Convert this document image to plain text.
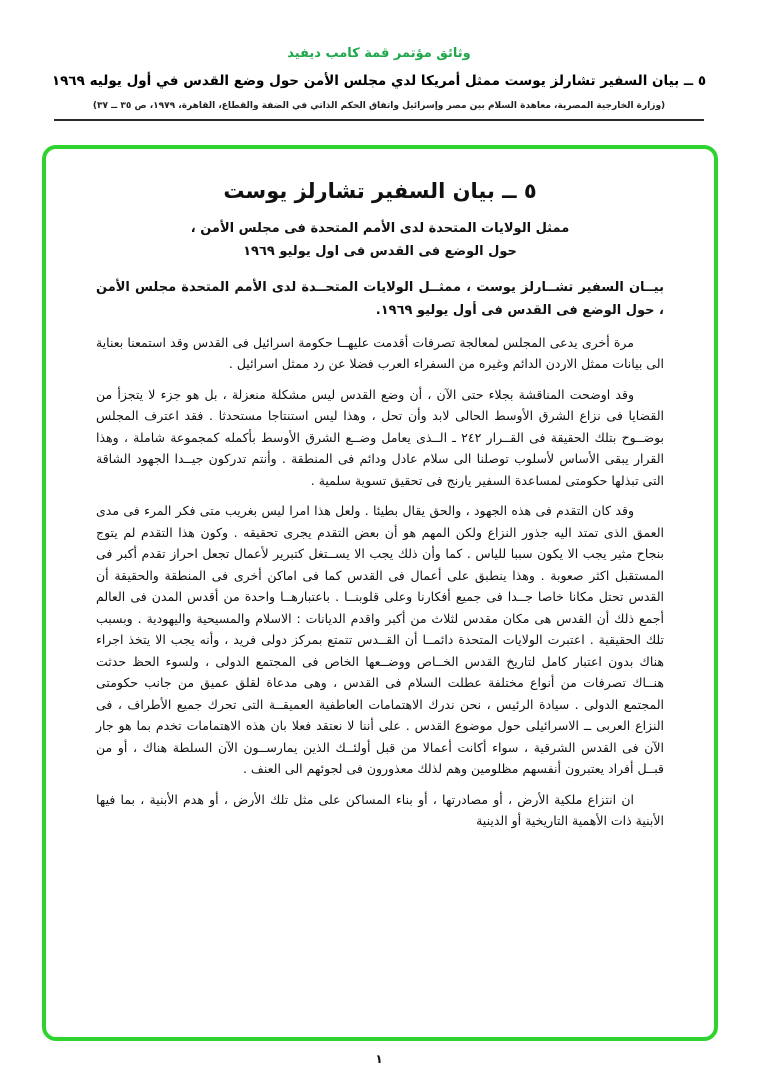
وثائق مؤتمر قمة كامب ديفيد
٥ ــ بيان السفير تشارلز يوست ممثل أمريكا لدي مجلس الأمن حول وضع القدس في أول يوليه ١٩٦٩
(وزارة الخارجية المصرية، معاهدة السلام بين مصر وإسرائيل واتفاق الحكم الذاتي في الضفة والقطاع، القاهرة، ١٩٧٩، ص ٣٥ ــ ٣٧)
٥ ــ بيان السفير تشارلز يوست
ممثل الولايات المتحدة لدى الأمم المتحدة فى مجلس الأمن ،
حول الوضع فى القدس فى اول يوليو ١٩٦٩

بيــان السفير تشــارلز يوست ، ممثــل الولايات المتحــدة لدى الأمم المتحدة مجلس الأمن ، حول الوضع فى القدس فى أول يوليو ١٩٦٩.

مرة أخرى يدعى المجلس لمعالجة تصرفات أقدمت عليهــا حكومة اسرائيل فى القدس وقد استمعنا بعناية الى بيانات ممثل الاردن الدائم وغيره من السفراء العرب فضلا عن رد ممثل اسرائيل .

وقد اوضحت المناقشة بجلاء حتى الآن ، أن وضع القدس ليس مشكلة منعزلة ، بل هو جزء لا يتجزأ من القضايا فى نزاع الشرق الأوسط الحالى لابد وأن تحل ، وهذا ليس استنتاجا مستحدثا . فقد اعترف المجلس بوضــوح بتلك الحقيقة فى القــرار ٢٤٢ ـ الــذى يعامل وضــع الشرق الأوسط بأكمله كمجموعة شاملة ، وهذا القرار يبقى الأساس لأسلوب توصلنا الى سلام عادل ودائم فى المنطقة . وأنتم تدركون جيــدا الجهود الشاقة التى تبذلها حكومتى لمساعدة السفير يارنج فى تحقيق تسوية سلمية .

وقد كان التقدم فى هذه الجهود ، والحق يقال بطيئا . ولعل هذا امرا ليس بغريب متى فكر المرء فى مدى العمق الذى تمتد اليه جذور النزاع ولكن المهم هو أن بعض التقدم يجرى تحقيقه . وكون هذا التقدم لم يتوج بنجاح مثير يجب الا يكون سببا للياس . كما وأن ذلك يجب الا يســتغل كتبرير لأعمال تجعل احراز تقدم أكبر فى المستقبل اكثر صعوبة . وهذا ينطبق على أعمال فى القدس كما فى اماكن أخرى فى المنطقة والحقيقة أن القدس تحتل مكانا خاصا جــدا فى جميع أفكارنا وعلى قلوبنــا . باعتبارهــا واحدة من أقدس المدن فى العالم أجمع ذلك أن القدس هى مكان مقدس لثلاث من أكبر واقدم الديانات : الاسلام والمسيحية واليهودية . وبسبب تلك الحقيقية . اعتبرت الولايات المتحدة دائمــا أن القــدس تتمتع بمركز دولى فريد ، وأنه يجب الا يتخذ اجراء هناك بدون اعتبار كامل لتاريخ القدس الخــاص ووضــعها الخاص فى المجتمع الدولى ، ولسوء الحظ حدثت هنــاك تصرفات من أنواع مختلفة عطلت السلام فى القدس ، وهى مدعاة لقلق عميق من جانب حكومتى المجتمع الدولى . سيادة الرئيس ، نحن ندرك الاهتمامات العاطفية العميقــة التى تحرك جميع الأطراف ، فى النزاع العربى ــ الاسرائيلى حول موضوع القدس . على أننا لا نعتقد فعلا بان هذه الاهتمامات تخدم بما هو جار الآن فى القدس الشرقية ، سواء أكانت أعمالا من قبل أولئــك الذين يمارســون الآن السلطة هناك ، أو من قبــل أفراد يعتبرون أنفسهم مظلومين وهم لذلك معذورون فى لجوئهم الى العنف .

ان انتزاع ملكية الأرض ، أو مصادرتها ، أو بناء المساكن على مثل تلك الأرض ، أو هدم الأبنية ، بما فيها الأبنية ذات الأهمية التاريخية أو الدينية

١
